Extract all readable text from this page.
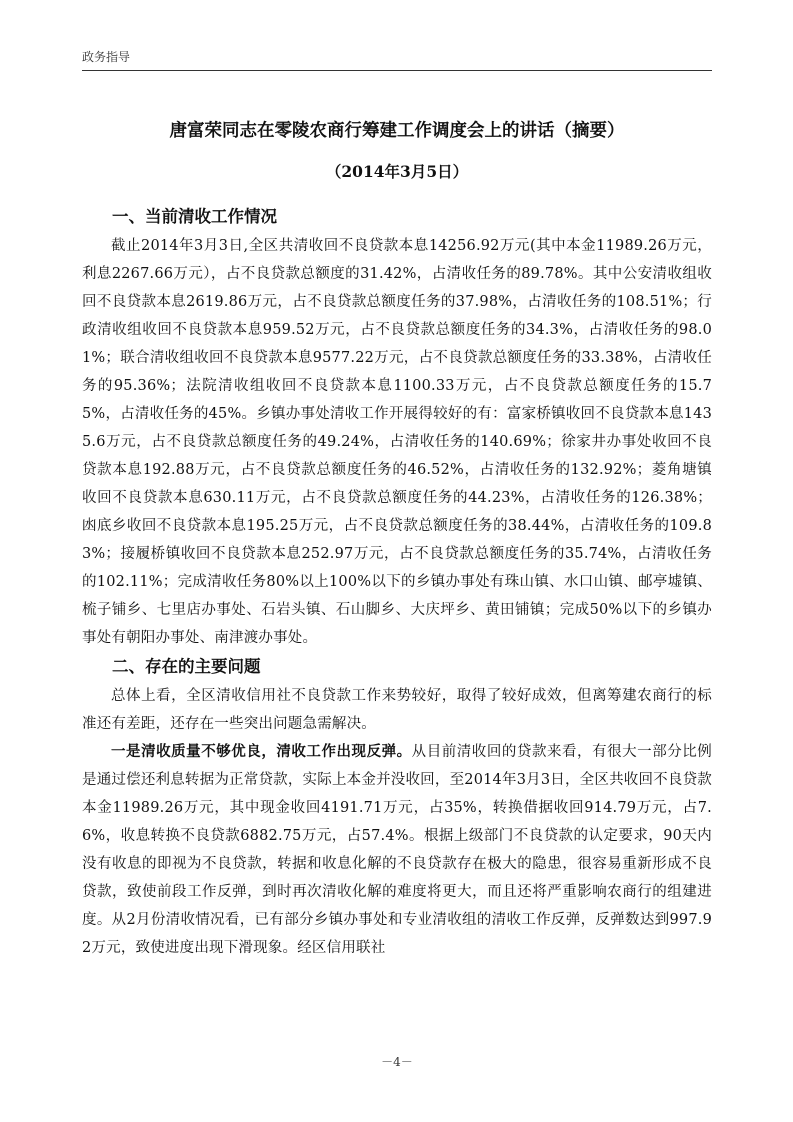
政务指导
唐富荣同志在零陵农商行筹建工作调度会上的讲话（摘要）
（2014年3月5日）
一、当前清收工作情况

截止2014年3月3日,全区共清收回不良贷款本息14256.92万元(其中本金11989.26万元，利息2267.66万元），占不良贷款总额度的31.42%，占清收任务的89.78%。其中公安清收组收回不良贷款本息2619.86万元，占不良贷款总额度任务的37.98%，占清收任务的108.51%；行政清收组收回不良贷款本息959.52万元，占不良贷款总额度任务的34.3%，占清收任务的98.01%；联合清收组收回不良贷款本息9577.22万元，占不良贷款总额度任务的33.38%，占清收任务的95.36%；法院清收组收回不良贷款本息1100.33万元，占不良贷款总额度任务的15.75%，占清收任务的45%。乡镇办事处清收工作开展得较好的有：富家桥镇收回不良贷款本息1435.6万元，占不良贷款总额度任务的49.24%，占清收任务的140.69%；徐家井办事处收回不良贷款本息192.88万元，占不良贷款总额度任务的46.52%，占清收任务的132.92%；菱角塘镇收回不良贷款本息630.11万元，占不良贷款总额度任务的44.23%，占清收任务的126.38%；凼底乡收回不良贷款本息195.25万元，占不良贷款总额度任务的38.44%，占清收任务的109.83%；接履桥镇收回不良贷款本息252.97万元，占不良贷款总额度任务的35.74%，占清收任务的102.11%；完成清收任务80%以上100%以下的乡镇办事处有珠山镇、水口山镇、邮亭墟镇、梳子铺乡、七里店办事处、石岩头镇、石山脚乡、大庆坪乡、黄田铺镇；完成50%以下的乡镇办事处有朝阳办事处、南津渡办事处。

二、存在的主要问题

总体上看，全区清收信用社不良贷款工作来势较好，取得了较好成效，但离筹建农商行的标准还有差距，还存在一些突出问题急需解决。

一是清收质量不够优良，清收工作出现反弹。从目前清收回的贷款来看，有很大一部分比例是通过偿还利息转据为正常贷款，实际上本金并没收回，至2014年3月3日，全区共收回不良贷款本金11989.26万元，其中现金收回4191.71万元，占35%，转换借据收回914.79万元，占7.6%，收息转换不良贷款6882.75万元，占57.4%。根据上级部门不良贷款的认定要求，90天内没有收息的即视为不良贷款，转据和收息化解的不良贷款存在极大的隐患，很容易重新形成不良贷款，致使前段工作反弹，到时再次清收化解的难度将更大，而且还将严重影响农商行的组建进度。从2月份清收情况看，已有部分乡镇办事处和专业清收组的清收工作反弹，反弹数达到997.92万元，致使进度出现下滑现象。经区信用联社

－4－
